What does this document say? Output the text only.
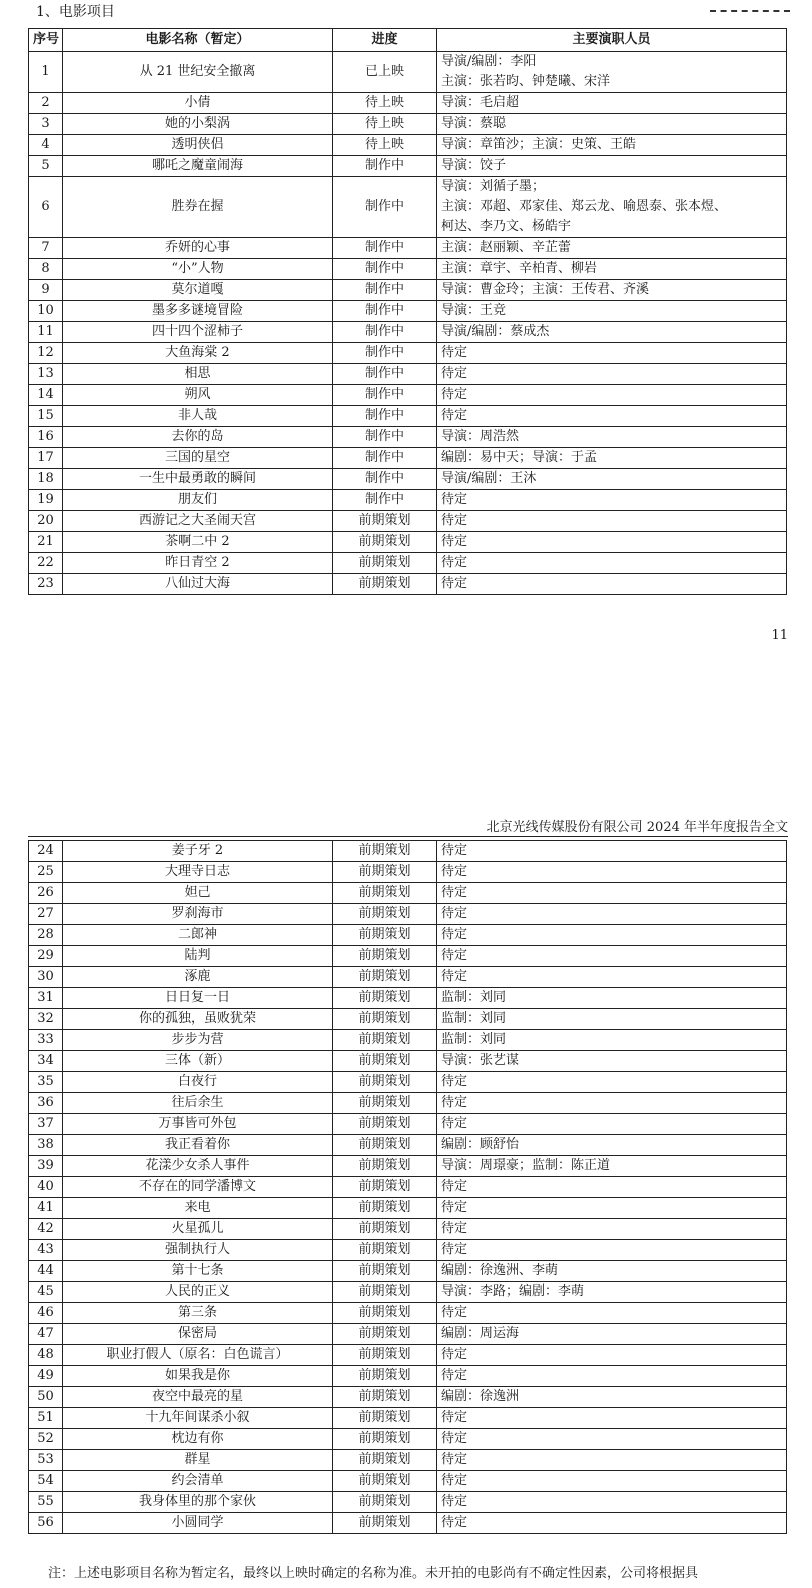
1、电影项目
序号	电影名称（暂定）	进度	主要演职人员
1	从 21 世纪安全撤离	已上映	导演/编剧：李阳
主演：张若昀、钟楚曦、宋洋

2	小倩	待上映	导演：毛启超

3	她的小梨涡	待上映	导演：蔡聪

4	透明侠侣	待上映	导演：章笛沙；主演：史策、王皓

5	哪吒之魔童闹海	制作中	导演：饺子

6	胜券在握	制作中	导演：刘循子墨；
主演：邓超、邓家佳、郑云龙、喻恩泰、张本煜、
柯达、李乃文、杨皓宇

7	乔妍的心事	制作中	主演：赵丽颖、辛芷蕾

8	“小”人物	制作中	主演：章宇、辛柏青、柳岩

9	莫尔道嘎	制作中	导演：曹金玲；主演：王传君、齐溪

10	墨多多谜境冒险	制作中	导演：王竞

11	四十四个涩柿子	制作中	导演/编剧：蔡成杰

12	大鱼海棠 2	制作中	待定

13	相思	制作中	待定

14	朔风	制作中	待定

15	非人哉	制作中	待定

16	去你的岛	制作中	导演：周浩然

17	三国的星空	制作中	编剧：易中天；导演：于孟

18	一生中最勇敢的瞬间	制作中	导演/编剧：王沐

19	朋友们	制作中	待定

20	西游记之大圣闹天宫	前期策划	待定

21	茶啊二中 2	前期策划	待定

22	昨日青空 2	前期策划	待定

23	八仙过大海	前期策划	待定
11
北京光线传媒股份有限公司 2024 年半年度报告全文
24	姜子牙 2	前期策划	待定

25	大理寺日志	前期策划	待定

26	妲己	前期策划	待定

27	罗刹海市	前期策划	待定

28	二郎神	前期策划	待定

29	陆判	前期策划	待定

30	涿鹿	前期策划	待定

31	日日复一日	前期策划	监制：刘同

32	你的孤独，虽败犹荣	前期策划	监制：刘同

33	步步为营	前期策划	监制：刘同

34	三体（新）	前期策划	导演：张艺谋

35	白夜行	前期策划	待定

36	往后余生	前期策划	待定

37	万事皆可外包	前期策划	待定

38	我正看着你	前期策划	编剧：顾舒怡

39	花漾少女杀人事件	前期策划	导演：周璟豪；监制：陈正道

40	不存在的同学潘博文	前期策划	待定

41	来电	前期策划	待定

42	火星孤儿	前期策划	待定

43	强制执行人	前期策划	待定

44	第十七条	前期策划	编剧：徐逸洲、李萌

45	人民的正义	前期策划	导演：李路；编剧：李萌

46	第三条	前期策划	待定

47	保密局	前期策划	编剧：周运海

48	职业打假人（原名：白色谎言）	前期策划	待定

49	如果我是你	前期策划	待定

50	夜空中最亮的星	前期策划	编剧：徐逸洲

51	十九年间谋杀小叙	前期策划	待定

52	枕边有你	前期策划	待定

53	群星	前期策划	待定

54	约会清单	前期策划	待定

55	我身体里的那个家伙	前期策划	待定

56	小圆同学	前期策划	待定
注：上述电影项目名称为暂定名，最终以上映时确定的名称为准。未开拍的电影尚有不确定性因素，公司将根据具
